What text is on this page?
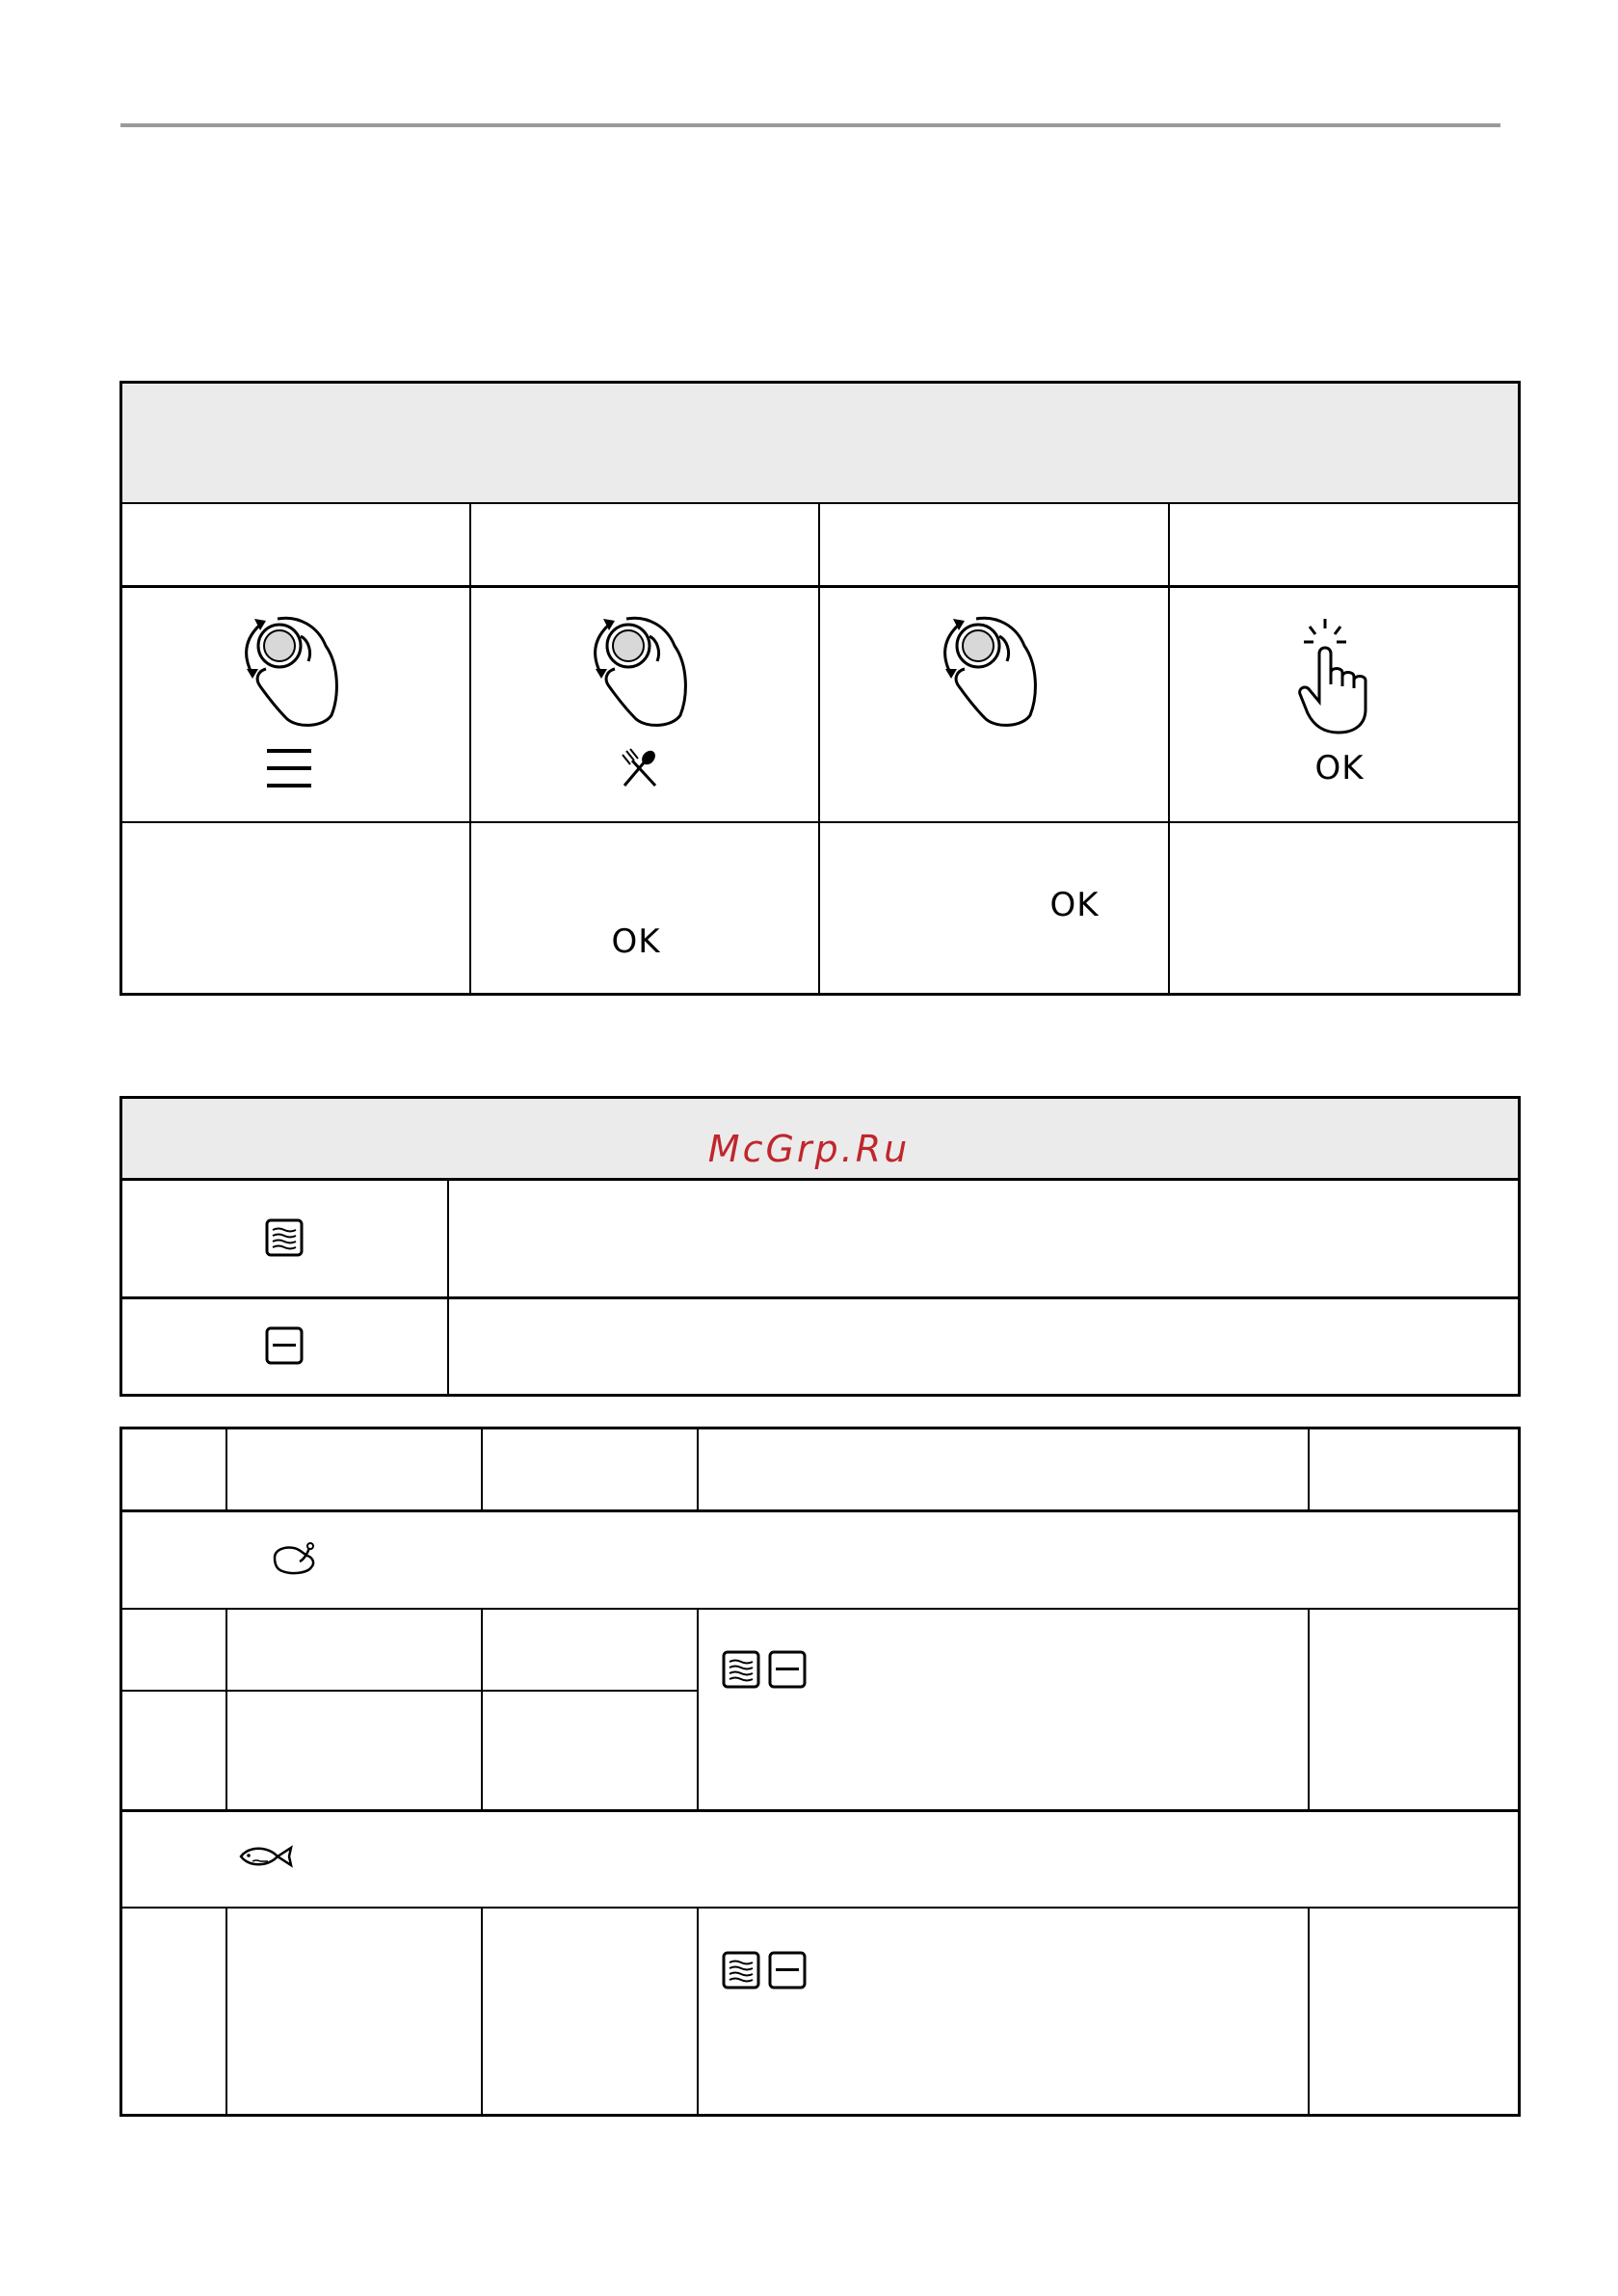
OK
OK
OK
McGrp.Ru
